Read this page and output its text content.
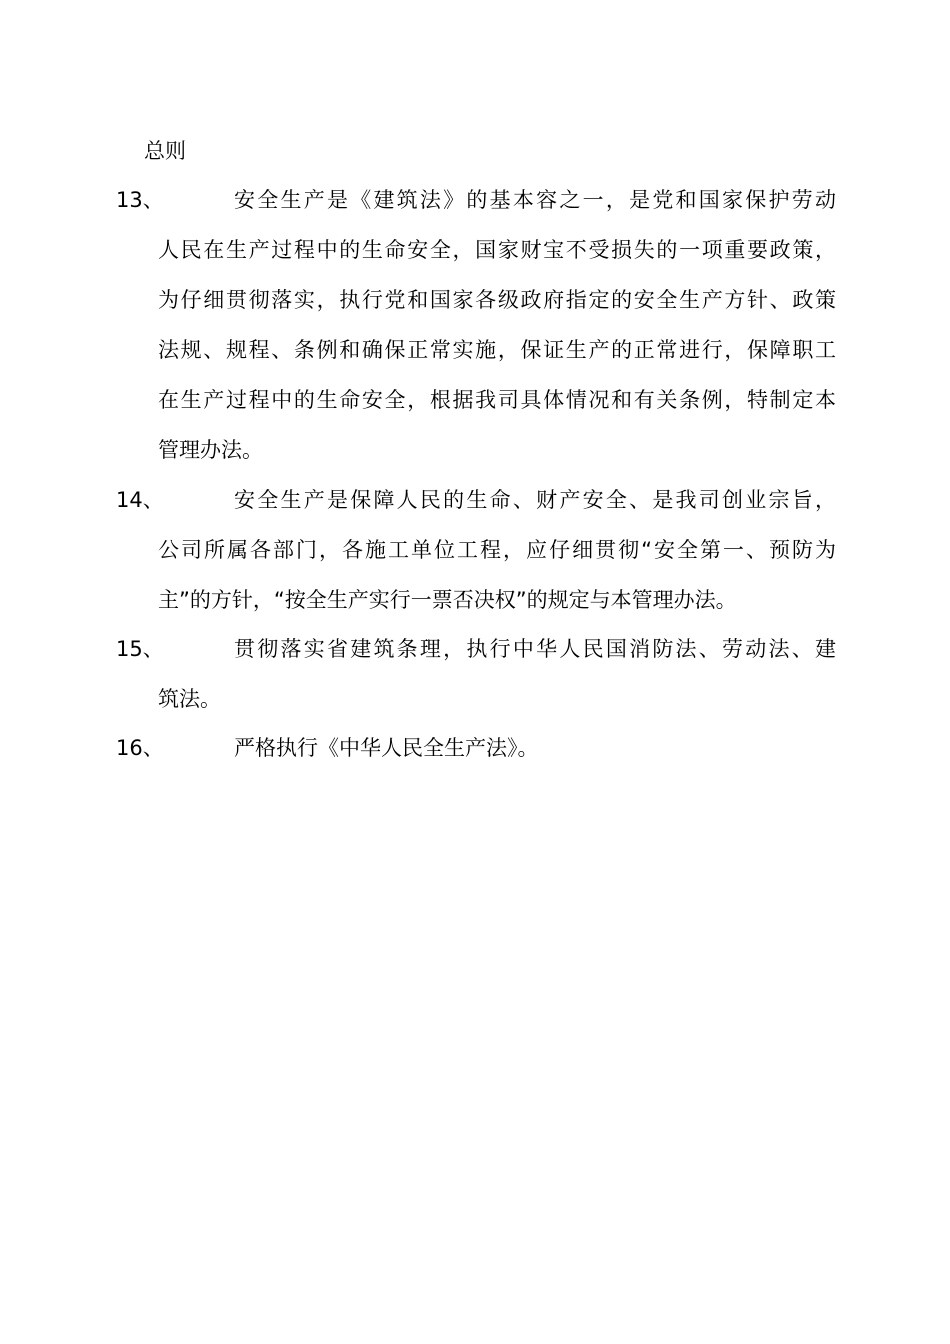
总则
13、	安全生产是《建筑法》的基本容之一，是党和国家保护劳动
人民在生产过程中的生命安全，国家财宝不受损失的一项重要政策，
为仔细贯彻落实，执行党和国家各级政府指定的安全生产方针、政策
法规、规程、条例和确保正常实施，保证生产的正常进行，保障职工
在生产过程中的生命安全，根据我司具体情况和有关条例，特制定本
管理办法。
14、	安全生产是保障人民的生命、财产安全、是我司创业宗旨，
公司所属各部门，各施工单位工程，应仔细贯彻“安全第一、预防为
主”的方针，“按全生产实行一票否决权”的规定与本管理办法。
15、	贯彻落实省建筑条理，执行中华人民国消防法、劳动法、建
筑法。
16、	严格执行《中华人民全生产法》。
